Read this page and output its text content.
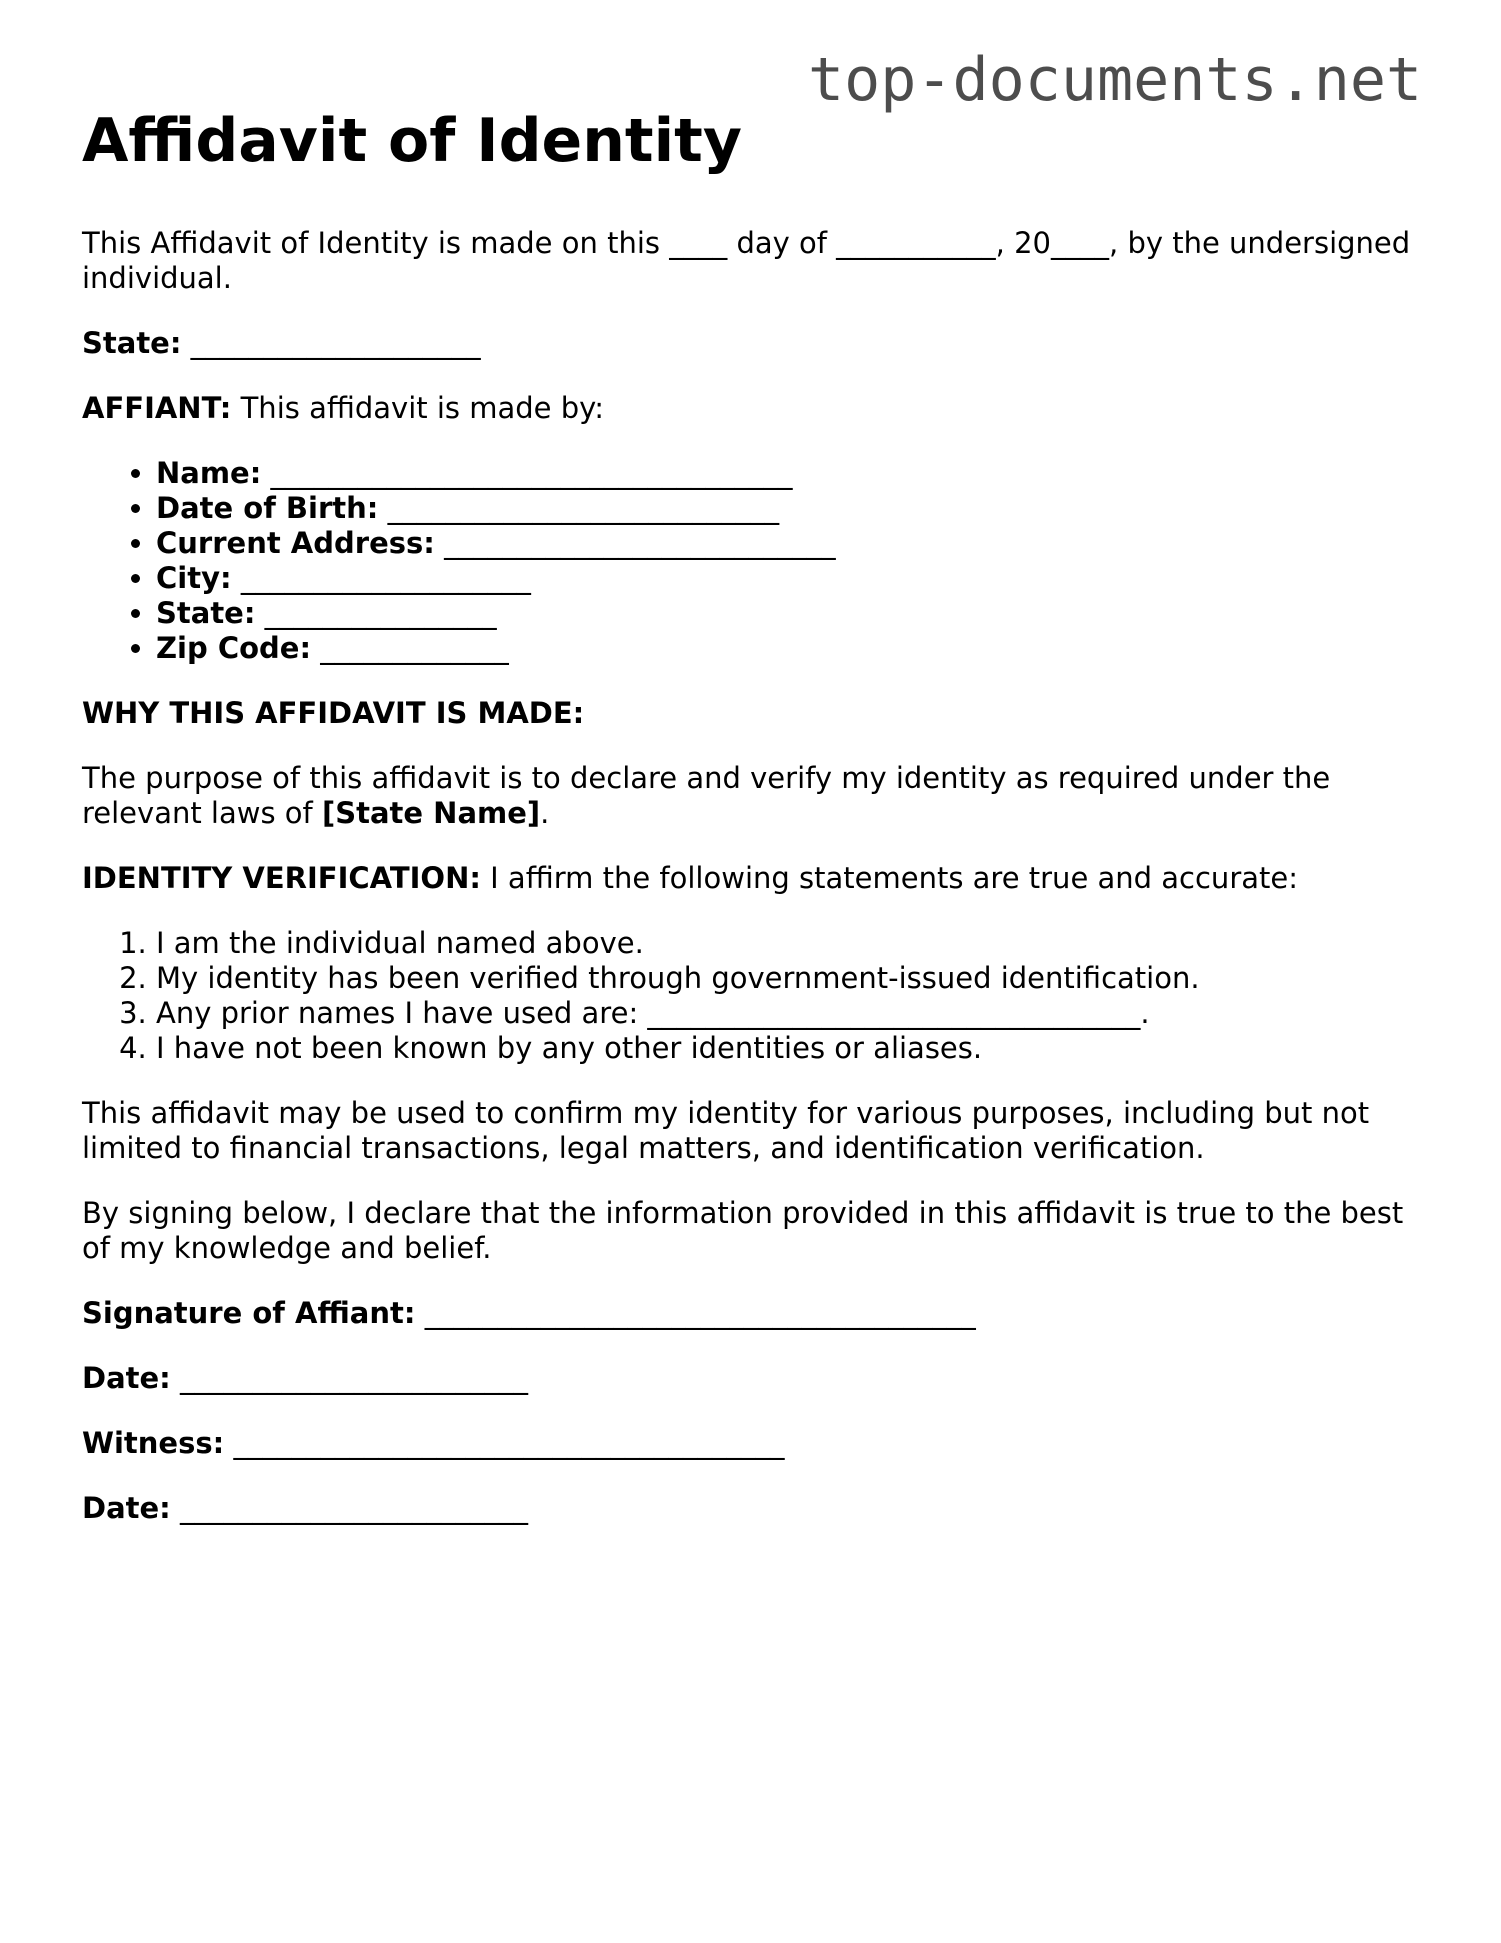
top-documents.net
Affidavit of Identity

This Affidavit of Identity is made on this ____ day of ___________, 20____, by the undersigned individual.

State: ____________________

AFFIANT: This affidavit is made by:

• Name: ____________________________________
• Date of Birth: ___________________________
• Current Address: ___________________________
• City: ____________________
• State: ________________
• Zip Code: _____________

WHY THIS AFFIDAVIT IS MADE:

The purpose of this affidavit is to declare and verify my identity as required under the relevant laws of [State Name].

IDENTITY VERIFICATION: I affirm the following statements are true and accurate:

1. I am the individual named above.
2. My identity has been verified through government-issued identification.
3. Any prior names I have used are: __________________________________.
4. I have not been known by any other identities or aliases.

This affidavit may be used to confirm my identity for various purposes, including but not limited to financial transactions, legal matters, and identification verification.

By signing below, I declare that the information provided in this affidavit is true to the best of my knowledge and belief.

Signature of Affiant: ______________________________________

Date: ________________________

Witness: ______________________________________

Date: ________________________
